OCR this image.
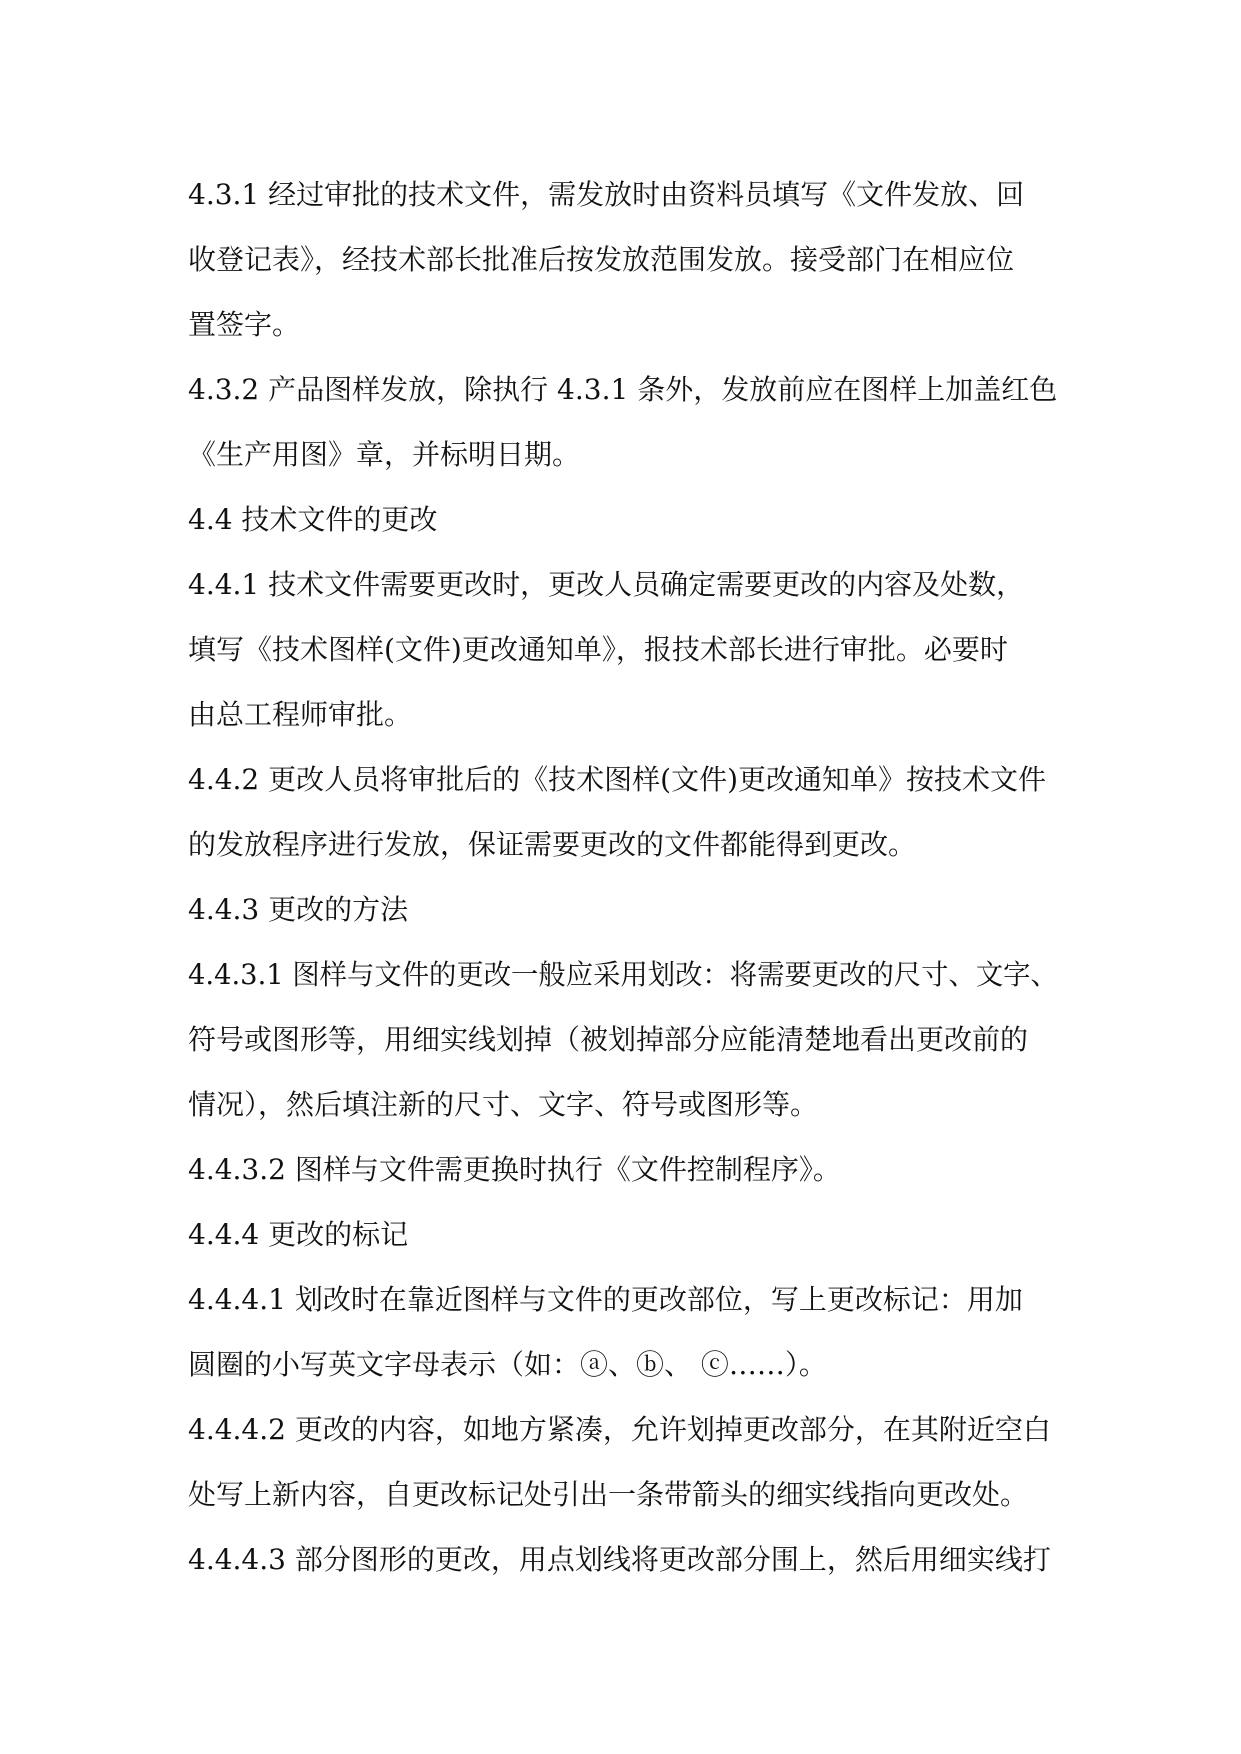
4.3.1 经过审批的技术文件，需发放时由资料员填写《文件发放、回
收登记表》，经技术部长批准后按发放范围发放。接受部门在相应位
置签字。
4.3.2 产品图样发放，除执行 4.3.1 条外，发放前应在图样上加盖红色
《生产用图》章，并标明日期。
4.4 技术文件的更改
4.4.1 技术文件需要更改时，更改人员确定需要更改的内容及处数，
填写《技术图样(文件)更改通知单》，报技术部长进行审批。必要时
由总工程师审批。
4.4.2 更改人员将审批后的《技术图样(文件)更改通知单》按技术文件
的发放程序进行发放，保证需要更改的文件都能得到更改。
4.4.3 更改的方法
4.4.3.1 图样与文件的更改一般应采用划改：将需要更改的尺寸、文字、
符号或图形等，用细实线划掉（被划掉部分应能清楚地看出更改前的
情况），然后填注新的尺寸、文字、符号或图形等。
4.4.3.2 图样与文件需更换时执行《文件控制程序》。
4.4.4 更改的标记
4.4.4.1 划改时在靠近图样与文件的更改部位，写上更改标记：用加
圆圈的小写英文字母表示（如：ⓐ、ⓑ、 ⓒ……）。
4.4.4.2 更改的内容，如地方紧凑，允许划掉更改部分，在其附近空白
处写上新内容，自更改标记处引出一条带箭头的细实线指向更改处。
4.4.4.3 部分图形的更改，用点划线将更改部分围上，然后用细实线打
